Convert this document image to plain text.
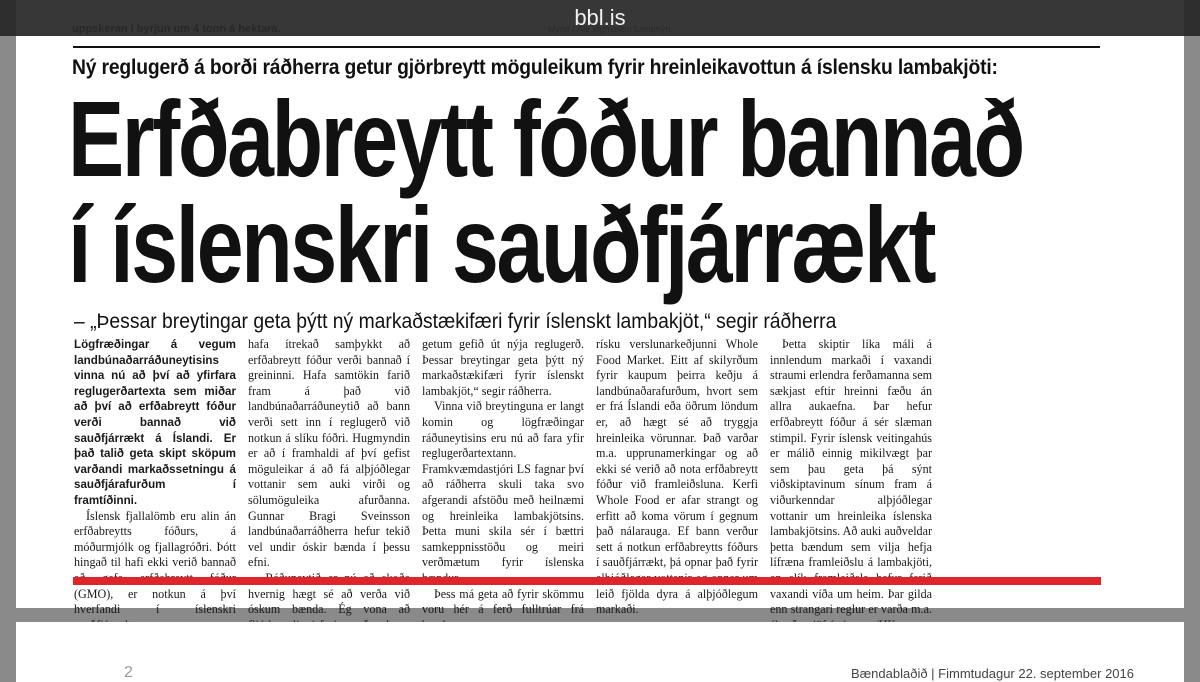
Ný reglugerð á borði ráðherra getur gjörbreytt möguleikum fyrir hreinleikavottun á íslensku lambakjöti:
Erfðabreytt fóður bannað
í íslenskri sauðfjárrækt
– „Þessar breytingar geta þýtt ný markaðstækifæri fyrir íslenskt lambakjöt,“ segir ráðherra

Lögfræðingar á vegum landbúnaðarráðuneytisins vinna nú að því að yfirfara reglugerðartexta sem miðar að því að erfðabreytt fóður verði bannað við sauðfjárrækt á Íslandi. Er það talið geta skipt sköpum varðandi markaðssetningu á sauðfjárafurðum í framtíðinni.

Íslensk fjallalömb eru alin án erfðabreytts fóðurs, á móðurmjólk og fjallagróðri. Þótt hingað til hafi ekki verið bannað (GMO), er notkun á því hverfandi í íslenskri

hafa ítrekað samþykkt að erfðabreytt fóður verði bannað í greininni. Hafa samtökin farið fram á það við landbúnaðarráðuneytið að bann verði sett inn í reglugerð við notkun á slíku fóðri. Hugmyndin er að í framhaldi af því gefist möguleikar á að fá alþjóðlegar vottanir sem auki virði og sölumöguleika afurðanna. Gunnar Bragi Sveinsson landbúnaðarráðherra hefur tekið vel undir óskir bænda í þessu efni.

hvernig hægt sé að verða við óskum bænda. Ég vona að

getum gefið út nýja reglugerð. Þessar breytingar geta þýtt ný markaðstækifæri fyrir íslenskt lambakjöt,“ segir ráðherra.

Vinna við breytinguna er langt komin og lögfræðingar ráðuneytisins eru nú að fara yfir reglugerðartextann. Framkvæmdastjóri LS fagnar því að ráðherra skuli taka svo afgerandi afstöðu með heilnæmi og hreinleika lambakjötsins. Þetta muni skila sér í bættri samkeppnisstöðu og meiri verðmætum fyrir íslenska

Þess má geta að fyrir skömmu voru hér á ferð fulltrúar frá

rísku verslunarkeðjunni Whole Food Market. Eitt af skilyrðum fyrir kaupum þeirra keðju á landbúnaðarafurðum, hvort sem er frá Íslandi eða öðrum löndum er, að hægt sé að tryggja hreinleika vörunnar. Það varðar m.a. upprunamerkingar og að ekki sé verið að nota erfðabreytt fóður við framleiðsluna. Kerfi Whole Food er afar strangt og erfitt að koma vörum í gegnum það nálarauga. Ef bann verður sett á notkun erfðabreytts fóðurs í sauðfjárrækt, þá opnar það fyrir leið fjölda dyra á alþjóðlegum markaði.

Þetta skiptir líka máli á innlendum markaði í vaxandi straumi erlendra ferðamanna sem sækjast eftir hreinni fæðu án allra aukaefna. Þar hefur erfðabreytt fóður á sér slæman stimpil. Fyrir íslensk veitingahús er málið einnig mikilvægt þar sem þau geta þá sýnt viðskiptavinum sínum fram á viðurkenndar alþjóðlegar vottanir um hreinleika íslenska lambakjötsins. Að auki auðveldar þetta bændum sem vilja hefja lífræna framleiðslu á lambakjöti, vaxandi víða um heim. Þar gilda enn strangari reglur er varða m.a.

2	Bændablaðið | Fimmtudagur 22. september 2016
bbl.is
